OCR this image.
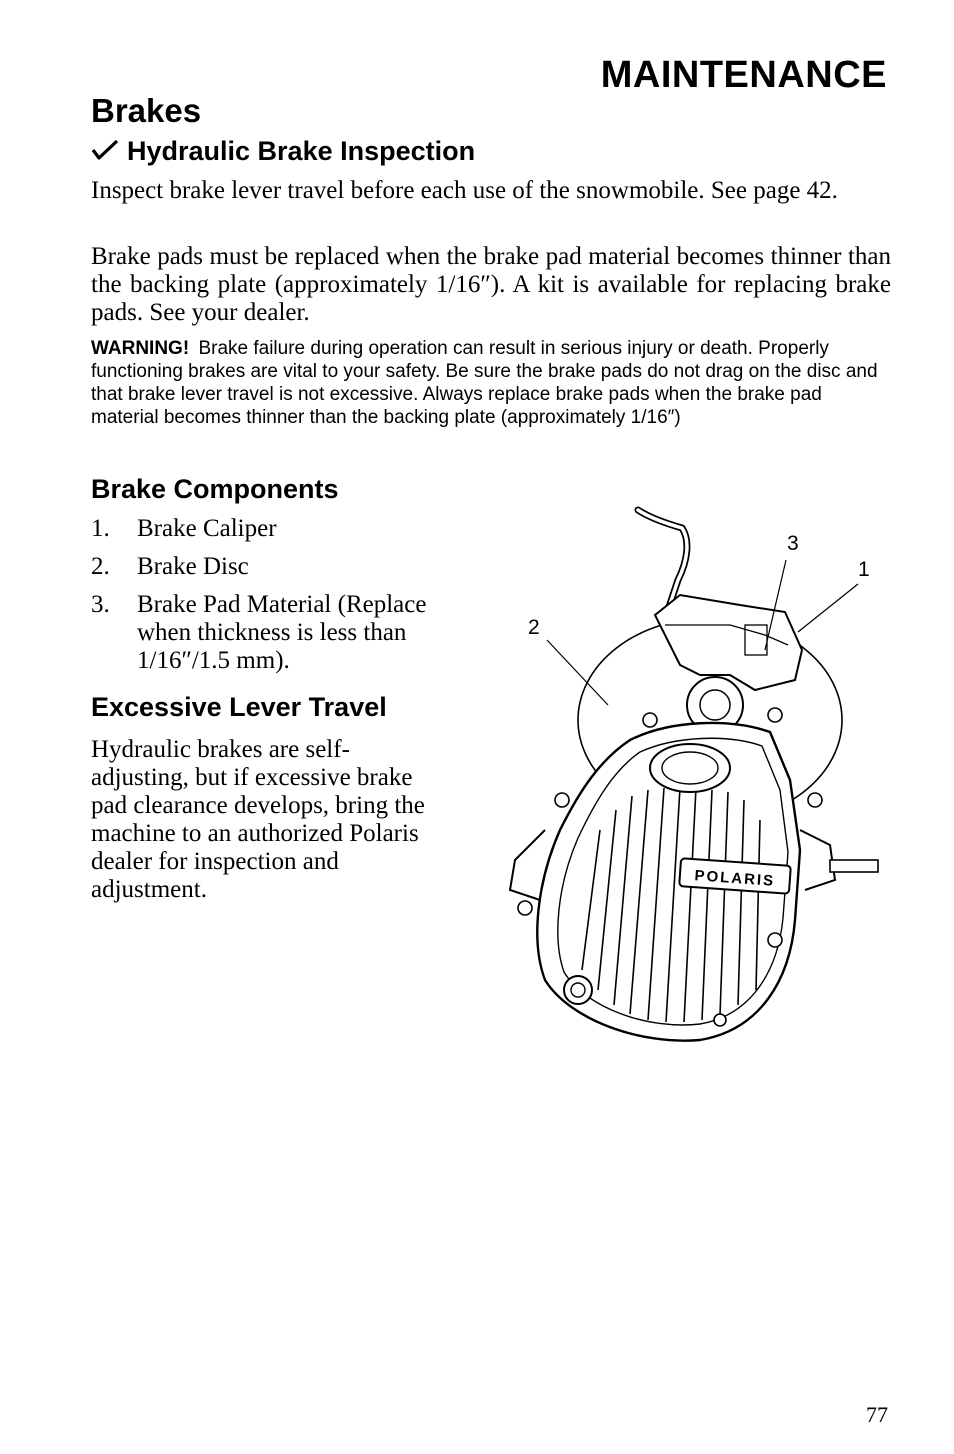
MAINTENANCE
Brakes
Hydraulic Brake Inspection
Inspect brake lever travel before each use of the snowmobile. See page 42.
Brake pads must be replaced when the brake pad material becomes thinner than the backing plate (approximately 1/16″). A kit is available for replacing brake pads. See your dealer.
WARNING! Brake failure during operation can result in serious injury or death. Properly functioning brakes are vital to your safety. Be sure the brake pads do not drag on the disc and that brake lever travel is not excessive. Always replace brake pads when the brake pad material becomes thinner than the backing plate (approximately 1/16″)
Brake Components
1.	Brake Caliper
2.	Brake Disc
3.	Brake Pad Material (Replace when thickness is less than 1/16″/1.5 mm).
Excessive Lever Travel
Hydraulic brakes are self-adjusting, but if excessive brake pad clearance develops, bring the machine to an authorized Polaris dealer for inspection and adjustment.	POLARIS
3
1
2
77
